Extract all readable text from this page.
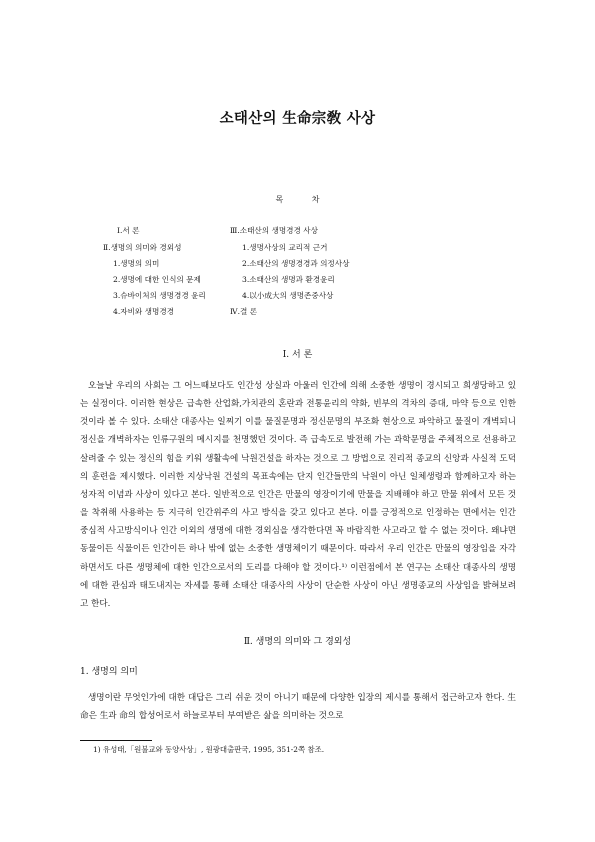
소태산의 生命宗敎 사상
목 차
Ⅰ.서 론
Ⅱ.생명의 의미와 경외성
1.생명의 의미
2.생명에 대한 인식의 문제
3.슈바이처의 생명경경 윤리
4.자비와 생명경경
Ⅲ.소태산의 생명경경 사상
1.생명사상의 교리적 근거
2.소태산의 생명경경과 의정사상
3.소태산의 생명과 환경윤리
4.以小成大의 생명존중사상
Ⅳ.결 론
Ⅰ. 서 론

오늘날 우리의 사회는 그 어느때보다도 인간성 상실과 아울러 인간에 의해 소중한 생명이 경시되고 희생당하고 있는 실정이다. 이러한 현상은 급속한 산업화,가치관의 혼란과 전통윤리의 약화, 빈부의 격차의 증대, 마약 등으로 인한 것이라 볼 수 있다. 소태산 대종사는 일찌기 이를 물질문명과 정신문명의 부조화 현상으로 파악하고 물질이 개벽되니 정신을 개벽하자는 인류구원의 메시지를 천명했던 것이다. 즉 급속도로 발전해 가는 과학문명을 주체적으로 선용하고 살려줄 수 있는 정신의 힘을 키워 생활속에 낙원건설을 하자는 것으로 그 방법으로 진리적 종교의 신앙과 사실적 도덕의 훈련을 제시했다. 이러한 지상낙원 건설의 목표속에는 단지 인간들만의 낙원이 아닌 일체생령과 함께하고자 하는 성자적 이념과 사상이 있다고 본다. 일반적으로 인간은 만물의 영장이기에 만물을 지배해야 하고 만물 위에서 모든 것을 착취해 사용하는 등 지극히 인간위주의 사고 방식을 갖고 있다고 본다. 이를 긍정적으로 인정하는 면에서는 인간 중심적 사고방식이나 인간 이외의 생명에 대한 경외심을 생각한다면 꼭 바람직한 사고라고 할 수 없는 것이다. 왜냐면 동물이든 식물이든 인간이든 하나 밖에 없는 소중한 생명체이기 때문이다. 따라서 우리 인간은 만물의 영장임을 자각하면서도 다른 생명체에 대한 인간으로서의 도리를 다해야 할 것이다.¹⁾ 이런점에서 본 연구는 소태산 대종사의 생명에 대한 관심과 태도내지는 자세를 통해 소태산 대종사의 사상이 단순한 사상이 아닌 생명종교의 사상임을 밝혀보려고 한다.

Ⅱ. 생명의 의미와 그 경외성
1. 생명의 의미

생명이란 무엇인가에 대한 대답은 그리 쉬운 것이 아니기 때문에 다양한 입장의 제시를 통해서 접근하고자 한다. 生命은 生과 命의 합성어로서 하늘로부터 부여받은 삶을 의미하는 것으로

1) 유성태,「원불교와 동양사상」, 원광대출판국, 1995, 351-2쪽 참조.
